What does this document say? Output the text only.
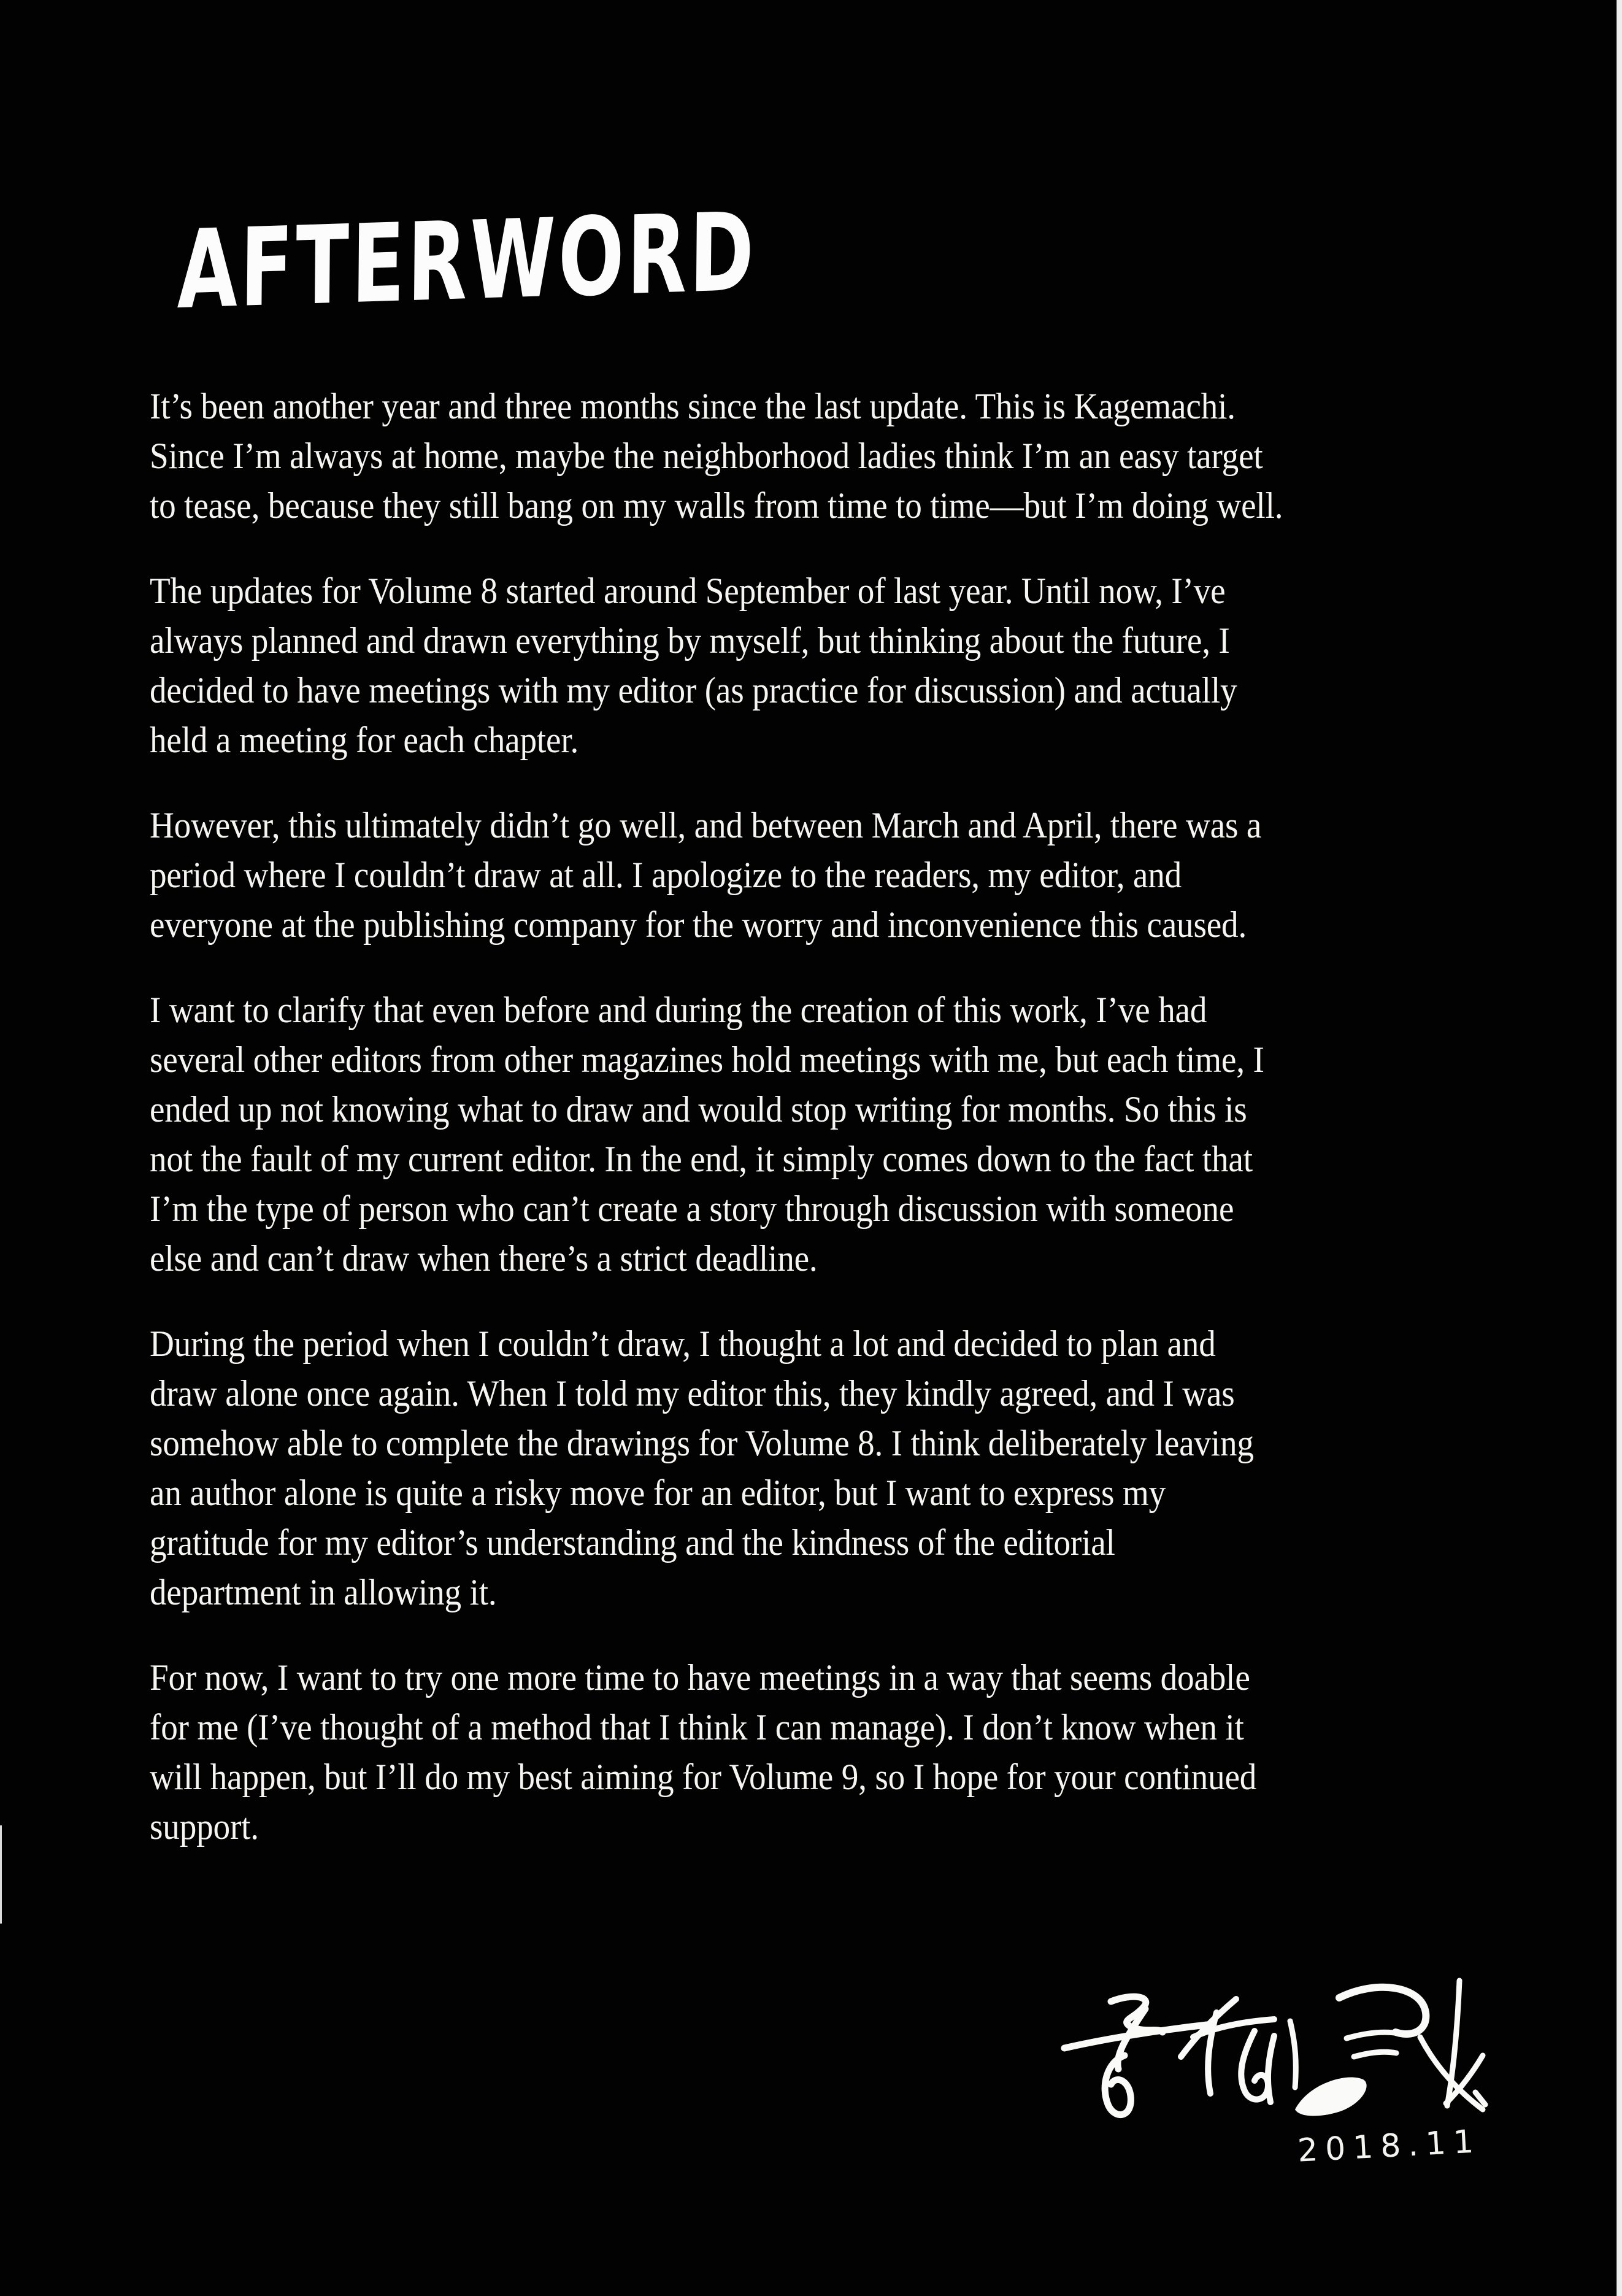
AFTERWORD

It’s been another year and three months since the last update. This is Kagemachi.
Since I’m always at home, maybe the neighborhood ladies think I’m an easy target
to tease, because they still bang on my walls from time to time—but I’m doing well.

The updates for Volume 8 started around September of last year. Until now, I’ve
always planned and drawn everything by myself, but thinking about the future, I
decided to have meetings with my editor (as practice for discussion) and actually
held a meeting for each chapter.

However, this ultimately didn’t go well, and between March and April, there was a
period where I couldn’t draw at all. I apologize to the readers, my editor, and
everyone at the publishing company for the worry and inconvenience this caused.

I want to clarify that even before and during the creation of this work, I’ve had
several other editors from other magazines hold meetings with me, but each time, I
ended up not knowing what to draw and would stop writing for months. So this is
not the fault of my current editor. In the end, it simply comes down to the fact that
I’m the type of person who can’t create a story through discussion with someone
else and can’t draw when there’s a strict deadline.

During the period when I couldn’t draw, I thought a lot and decided to plan and
draw alone once again. When I told my editor this, they kindly agreed, and I was
somehow able to complete the drawings for Volume 8. I think deliberately leaving
an author alone is quite a risky move for an editor, but I want to express my
gratitude for my editor’s understanding and the kindness of the editorial
department in allowing it.

For now, I want to try one more time to have meetings in a way that seems doable
for me (I’ve thought of a method that I think I can manage). I don’t know when it
will happen, but I’ll do my best aiming for Volume 9, so I hope for your continued
support.

2018.11
